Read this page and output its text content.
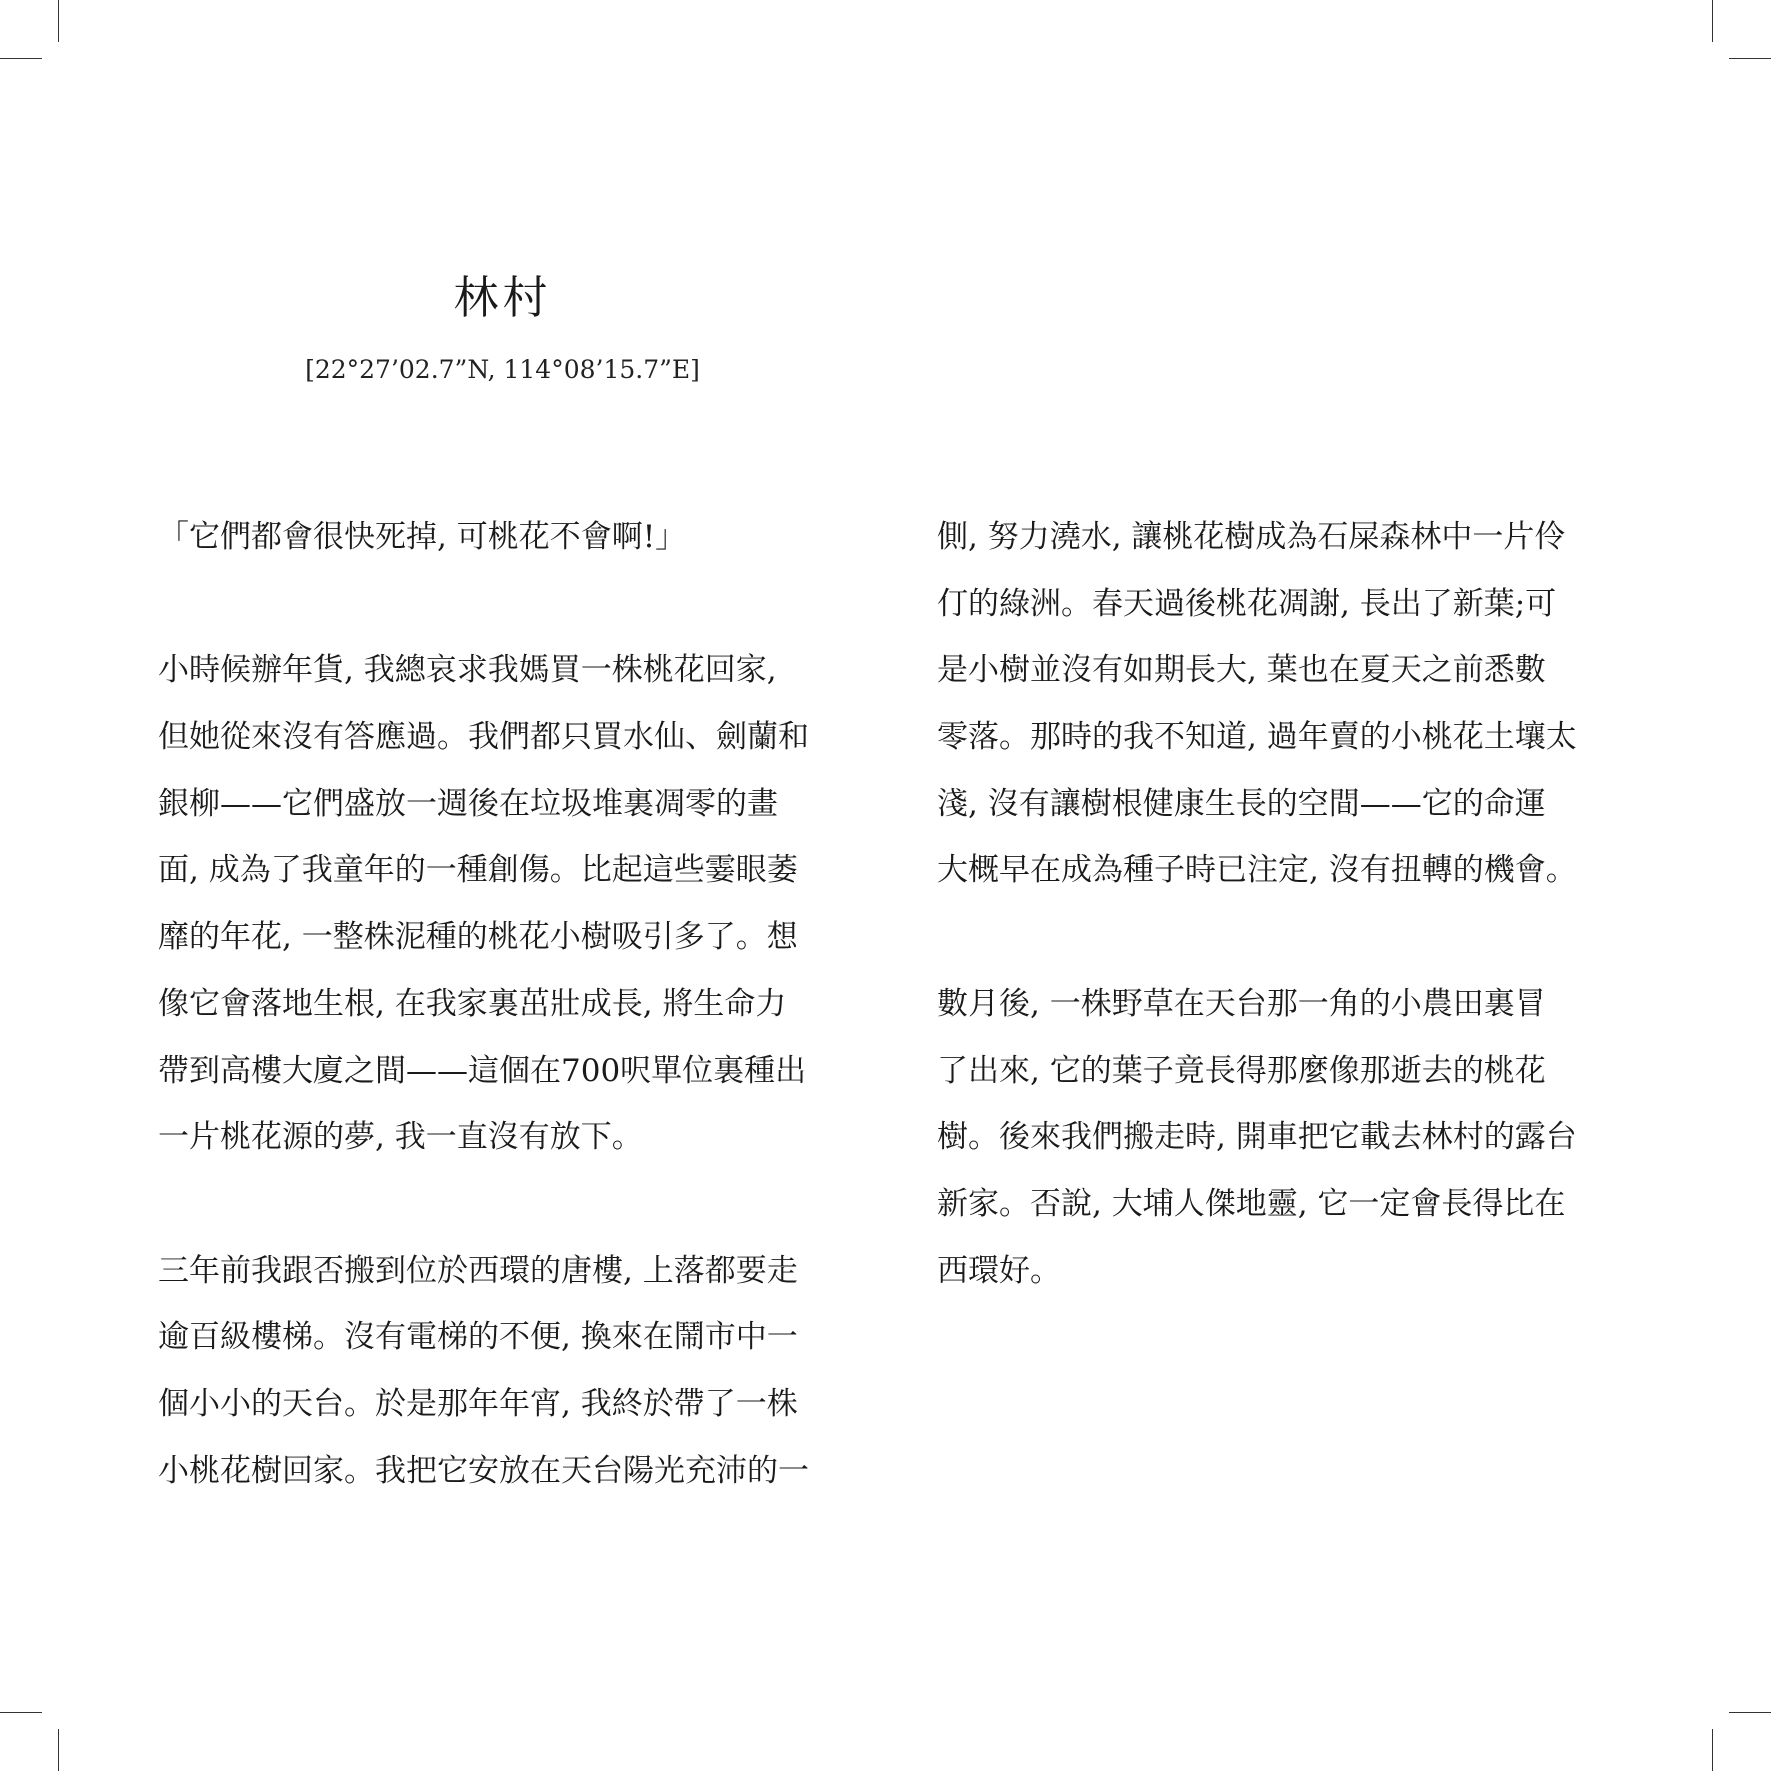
林村
[22°27’02.7”N, 114°08’15.7”E]
「它們都會很快死掉, 可桃花不會啊!」
小時候辦年貨, 我總哀求我媽買一株桃花回家,
但她從來沒有答應過。我們都只買水仙、劍蘭和
銀柳——它們盛放一週後在垃圾堆裏凋零的畫
面, 成為了我童年的一種創傷。比起這些霎眼萎
靡的年花, 一整株泥種的桃花小樹吸引多了。想
像它會落地生根, 在我家裏茁壯成長, 將生命力
帶到高樓大廈之間——這個在700呎單位裏種出
一片桃花源的夢, 我一直沒有放下。
三年前我跟否搬到位於西環的唐樓, 上落都要走
逾百級樓梯。沒有電梯的不便, 換來在鬧市中一
個小小的天台。於是那年年宵, 我終於帶了一株
小桃花樹回家。我把它安放在天台陽光充沛的一
側, 努力澆水, 讓桃花樹成為石屎森林中一片伶
仃的綠洲。春天過後桃花凋謝, 長出了新葉;可
是小樹並沒有如期長大, 葉也在夏天之前悉數
零落。那時的我不知道, 過年賣的小桃花土壤太
淺, 沒有讓樹根健康生長的空間——它的命運
大概早在成為種子時已注定, 沒有扭轉的機會。
數月後, 一株野草在天台那一角的小農田裏冒
了出來, 它的葉子竟長得那麼像那逝去的桃花
樹。後來我們搬走時, 開車把它載去林村的露台
新家。否說, 大埔人傑地靈, 它一定會長得比在
西環好。
